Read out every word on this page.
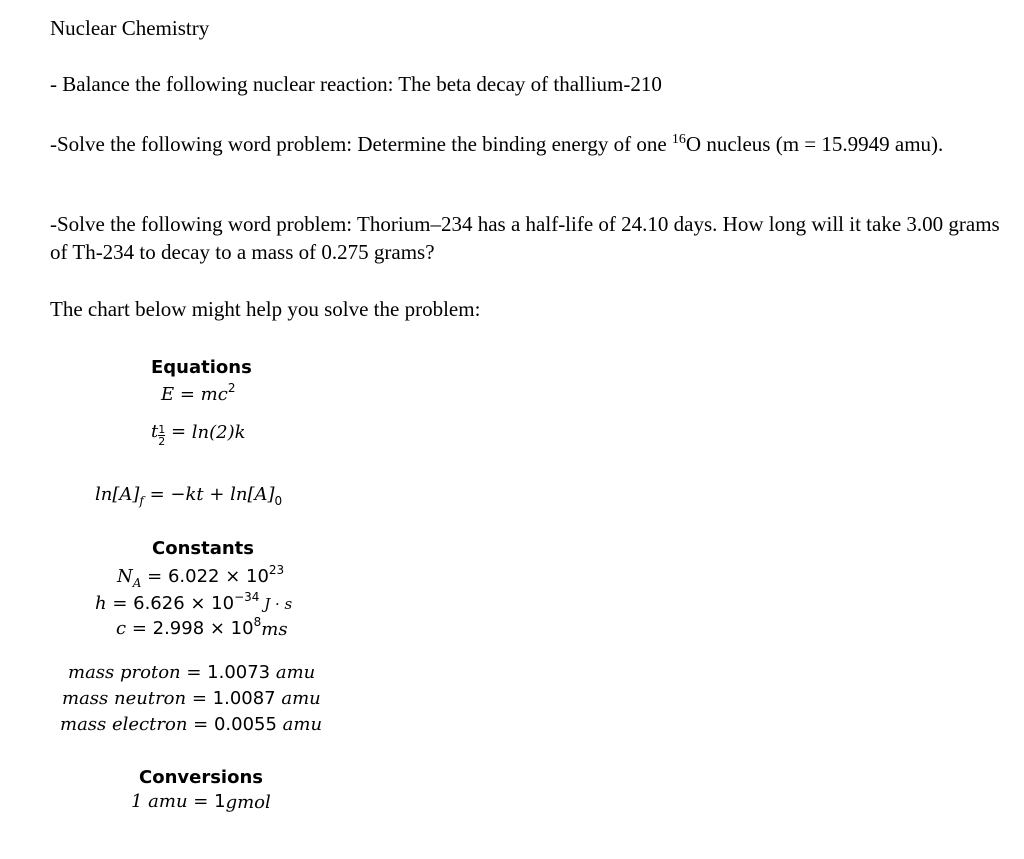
Nuclear Chemistry

- Balance the following nuclear reaction: The beta decay of thallium-210

-Solve the following word problem: Determine the binding energy of one $^{16}$O nucleus (m = 15.9949 amu).

-Solve the following word problem: Thorium–234 has a half-life of 24.10 days. How long will it take 3.00 grams of Th-234 to decay to a mass of 0.275 grams?

The chart below might help you solve the problem:

Equations
$E = mc^2$
t $\frac{1}{2} = \ln(2)k$
$\ln[A]_f = -kt + \ln[A]_0$
Constants
$N_A = 6.022 \times 10^{23}$
$h = 6.626 \times 10^{-34}$ J · s
$c = 2.998 \times 10^8ms$
mass proton = 1.0073 amu
mass neutron = 1.0087 amu
mass electron = 0.0055 amu
Conversions
1 amu = 1gmol
